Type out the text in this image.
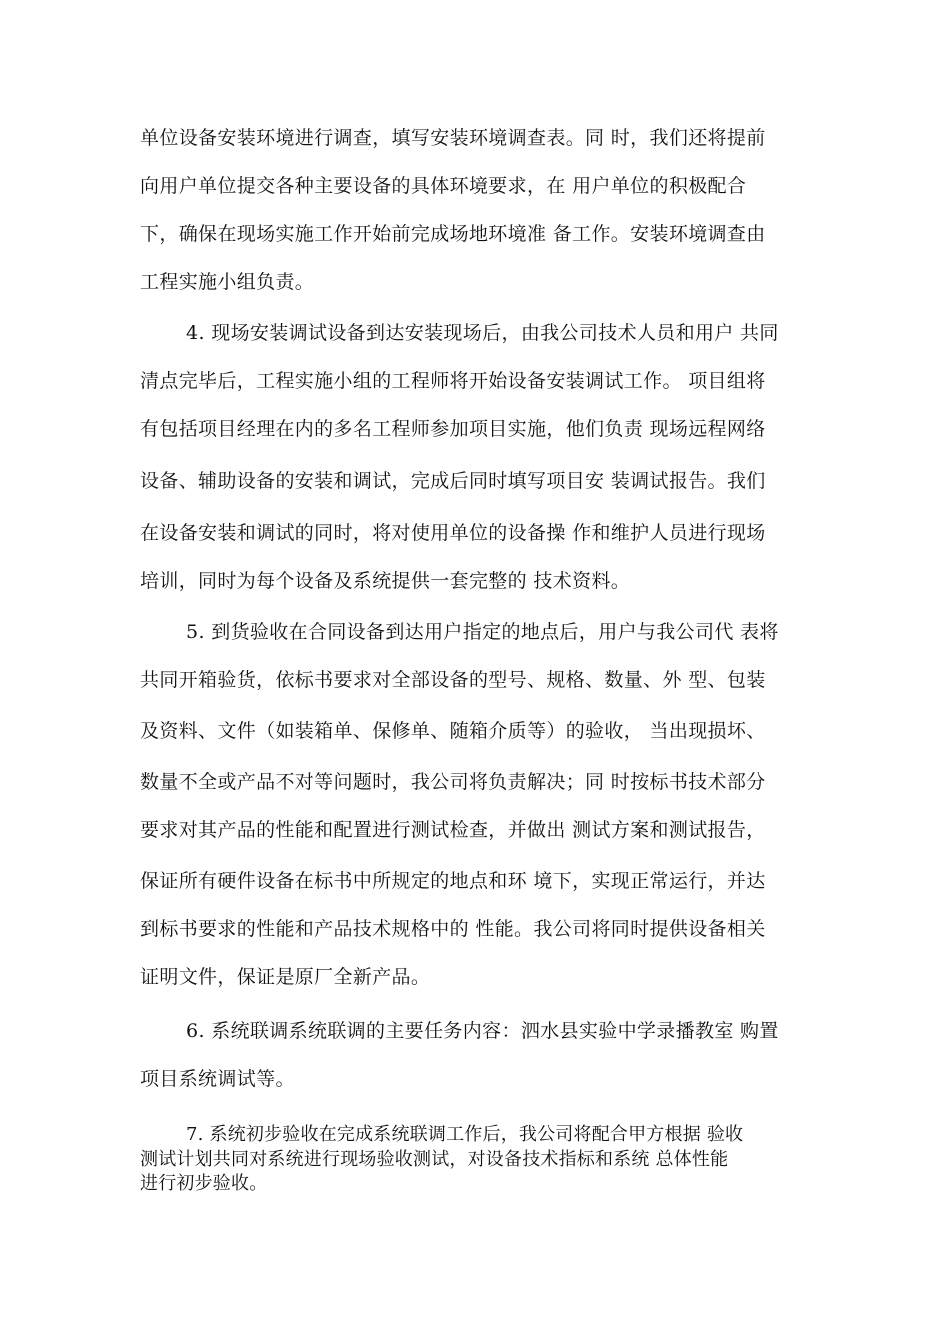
单位设备安装环境进行调查，填写安装环境调查表。同 时，我们还将提前
向用户单位提交各种主要设备的具体环境要求，在 用户单位的积极配合
下，确保在现场实施工作开始前完成场地环境准 备工作。安装环境调查由
工程实施小组负责。
4. 现场安装调试设备到达安装现场后，由我公司技术人员和用户 共同
清点完毕后，工程实施小组的工程师将开始设备安装调试工作。 项目组将
有包括项目经理在内的多名工程师参加项目实施，他们负责 现场远程网络
设备、辅助设备的安装和调试，完成后同时填写项目安 装调试报告。我们
在设备安装和调试的同时，将对使用单位的设备操 作和维护人员进行现场
培训，同时为每个设备及系统提供一套完整的 技术资料。
5. 到货验收在合同设备到达用户指定的地点后，用户与我公司代 表将
共同开箱验货，依标书要求对全部设备的型号、规格、数量、外 型、包装
及资料、文件（如装箱单、保修单、随箱介质等）的验收， 当出现损坏、
数量不全或产品不对等问题时，我公司将负责解决；同 时按标书技术部分
要求对其产品的性能和配置进行测试检查，并做出 测试方案和测试报告，
保证所有硬件设备在标书中所规定的地点和环 境下，实现正常运行，并达
到标书要求的性能和产品技术规格中的 性能。我公司将同时提供设备相关
证明文件，保证是原厂全新产品。
6. 系统联调系统联调的主要任务内容：泗水县实验中学录播教室 购置
项目系统调试等。
7. 系统初步验收在完成系统联调工作后，我公司将配合甲方根据 验收
测试计划共同对系统进行现场验收测试，对设备技术指标和系统 总体性能
进行初步验收。
